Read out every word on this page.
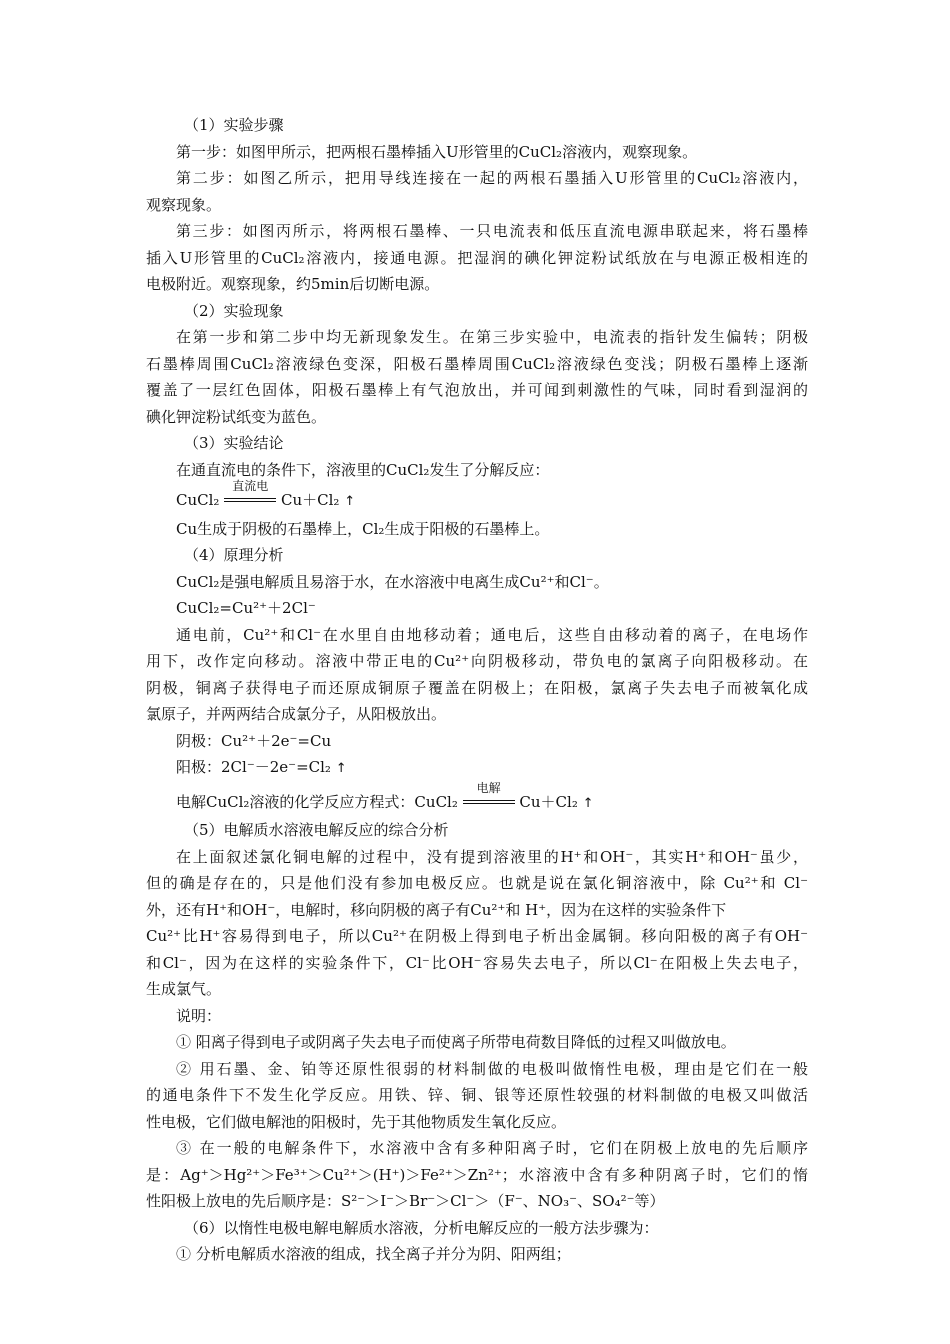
（1）实验步骤

第一步：如图甲所示，把两根石墨棒插入U形管里的CuCl₂溶液内，观察现象。

第二步：如图乙所示，把用导线连接在一起的两根石墨插入U形管里的CuCl₂溶液内，

观察现象。

第三步：如图丙所示，将两根石墨棒、一只电流表和低压直流电源串联起来，将石墨棒

插入U形管里的CuCl₂溶液内，接通电源。把湿润的碘化钾淀粉试纸放在与电源正极相连的

电极附近。观察现象，约5min后切断电源。

（2）实验现象

在第一步和第二步中均无新现象发生。在第三步实验中，电流表的指针发生偏转；阴极

石墨棒周围CuCl₂溶液绿色变深，阳极石墨棒周围CuCl₂溶液绿色变浅；阴极石墨棒上逐渐

覆盖了一层红色固体，阳极石墨棒上有气泡放出，并可闻到刺激性的气味，同时看到湿润的

碘化钾淀粉试纸变为蓝色。

（3）实验结论

在通直流电的条件下，溶液里的CuCl₂发生了分解反应：

CuCl₂
直流电
Cu＋Cl₂ ↑

Cu生成于阴极的石墨棒上，Cl₂生成于阳极的石墨棒上。

（4）原理分析

CuCl₂是强电解质且易溶于水，在水溶液中电离生成Cu²⁺和Cl⁻。

CuCl₂=Cu²⁺＋2Cl⁻

通电前，Cu²⁺和Cl⁻在水里自由地移动着；通电后，这些自由移动着的离子，在电场作

用下，改作定向移动。溶液中带正电的Cu²⁺向阴极移动，带负电的氯离子向阳极移动。在

阴极，铜离子获得电子而还原成铜原子覆盖在阴极上；在阳极，氯离子失去电子而被氧化成

氯原子，并两两结合成氯分子，从阳极放出。

阴极：Cu²⁺＋2e⁻=Cu

阳极：2Cl⁻－2e⁻=Cl₂ ↑

电解CuCl₂溶液的化学反应方程式：CuCl₂
电解
Cu＋Cl₂ ↑

（5）电解质水溶液电解反应的综合分析

在上面叙述氯化铜电解的过程中，没有提到溶液里的H⁺和OH⁻，其实H⁺和OH⁻虽少，

但的确是存在的，只是他们没有参加电极反应。也就是说在氯化铜溶液中，除 Cu²⁺和 Cl⁻

外，还有H⁺和OH⁻，电解时，移向阴极的离子有Cu²⁺和 H⁺，因为在这样的实验条件下

Cu²⁺比H⁺容易得到电子，所以Cu²⁺在阴极上得到电子析出金属铜。移向阳极的离子有OH⁻

和Cl⁻，因为在这样的实验条件下，Cl⁻比OH⁻容易失去电子，所以Cl⁻在阳极上失去电子，

生成氯气。

说明：

① 阳离子得到电子或阴离子失去电子而使离子所带电荷数目降低的过程又叫做放电。

② 用石墨、金、铂等还原性很弱的材料制做的电极叫做惰性电极，理由是它们在一般

的通电条件下不发生化学反应。用铁、锌、铜、银等还原性较强的材料制做的电极又叫做活

性电极，它们做电解池的阳极时，先于其他物质发生氧化反应。

③ 在一般的电解条件下，水溶液中含有多种阳离子时，它们在阴极上放电的先后顺序

是：Ag⁺＞Hg²⁺＞Fe³⁺＞Cu²⁺＞(H⁺)＞Fe²⁺＞Zn²⁺；水溶液中含有多种阴离子时，它们的惰

性阳极上放电的先后顺序是：S²⁻＞I⁻＞Br⁻＞Cl⁻＞（F⁻、NO₃⁻、SO₄²⁻等）

（6）以惰性电极电解电解质水溶液，分析电解反应的一般方法步骤为：

① 分析电解质水溶液的组成，找全离子并分为阴、阳两组；
